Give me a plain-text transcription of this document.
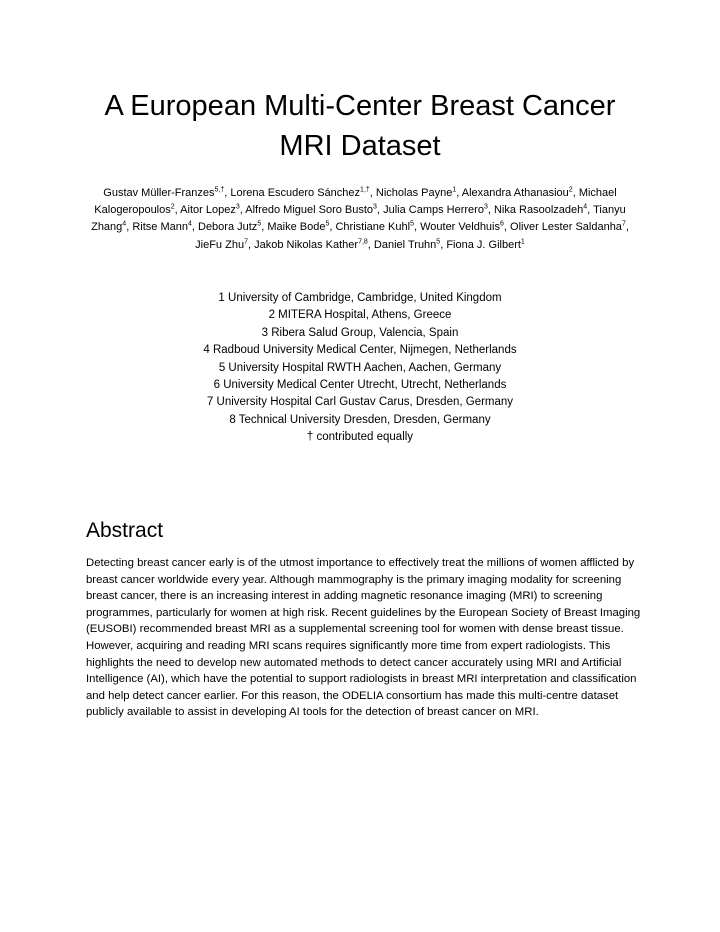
A European Multi-Center Breast Cancer
MRI Dataset

Gustav Müller-Franzes$^{5,\dagger}$, Lorena Escudero Sánchez$^{1,\dagger}$, Nicholas Payne$^1$, Alexandra Athanasiou$^2$, Michael Kalogeropoulos$^2$, Aitor Lopez$^3$, Alfredo Miguel Soro Busto$^3$, Julia Camps Herrero$^3$, Nika Rasoolzadeh$^4$, Tianyu Zhang$^4$, Ritse Mann$^4$, Debora Jutz$^5$, Maike Bode$^5$, Christiane Kuhl$^5$, Wouter Veldhuis$^6$, Oliver Lester Saldanha$^7$, JieFu Zhu$^7$, Jakob Nikolas Kather$^{7,8}$, Daniel Truhn$^5$, Fiona J. Gilbert$^1$

1 University of Cambridge, Cambridge, United Kingdom
2 MITERA Hospital, Athens, Greece
3 Ribera Salud Group, Valencia, Spain
4 Radboud University Medical Center, Nijmegen, Netherlands
5 University Hospital RWTH Aachen, Aachen, Germany
6 University Medical Center Utrecht, Utrecht, Netherlands
7 University Hospital Carl Gustav Carus, Dresden, Germany
8 Technical University Dresden, Dresden, Germany
† contributed equally
Abstract

Detecting breast cancer early is of the utmost importance to effectively treat the millions of women afflicted by breast cancer worldwide every year. Although mammography is the primary imaging modality for screening breast cancer, there is an increasing interest in adding magnetic resonance imaging (MRI) to screening programmes, particularly for women at high risk. Recent guidelines by the European Society of Breast Imaging (EUSOBI) recommended breast MRI as a supplemental screening tool for women with dense breast tissue. However, acquiring and reading MRI scans requires significantly more time from expert radiologists. This highlights the need to develop new automated methods to detect cancer accurately using MRI and Artificial Intelligence (AI), which have the potential to support radiologists in breast MRI interpretation and classification and help detect cancer earlier. For this reason, the ODELIA consortium has made this multi-centre dataset publicly available to assist in developing AI tools for the detection of breast cancer on MRI.
